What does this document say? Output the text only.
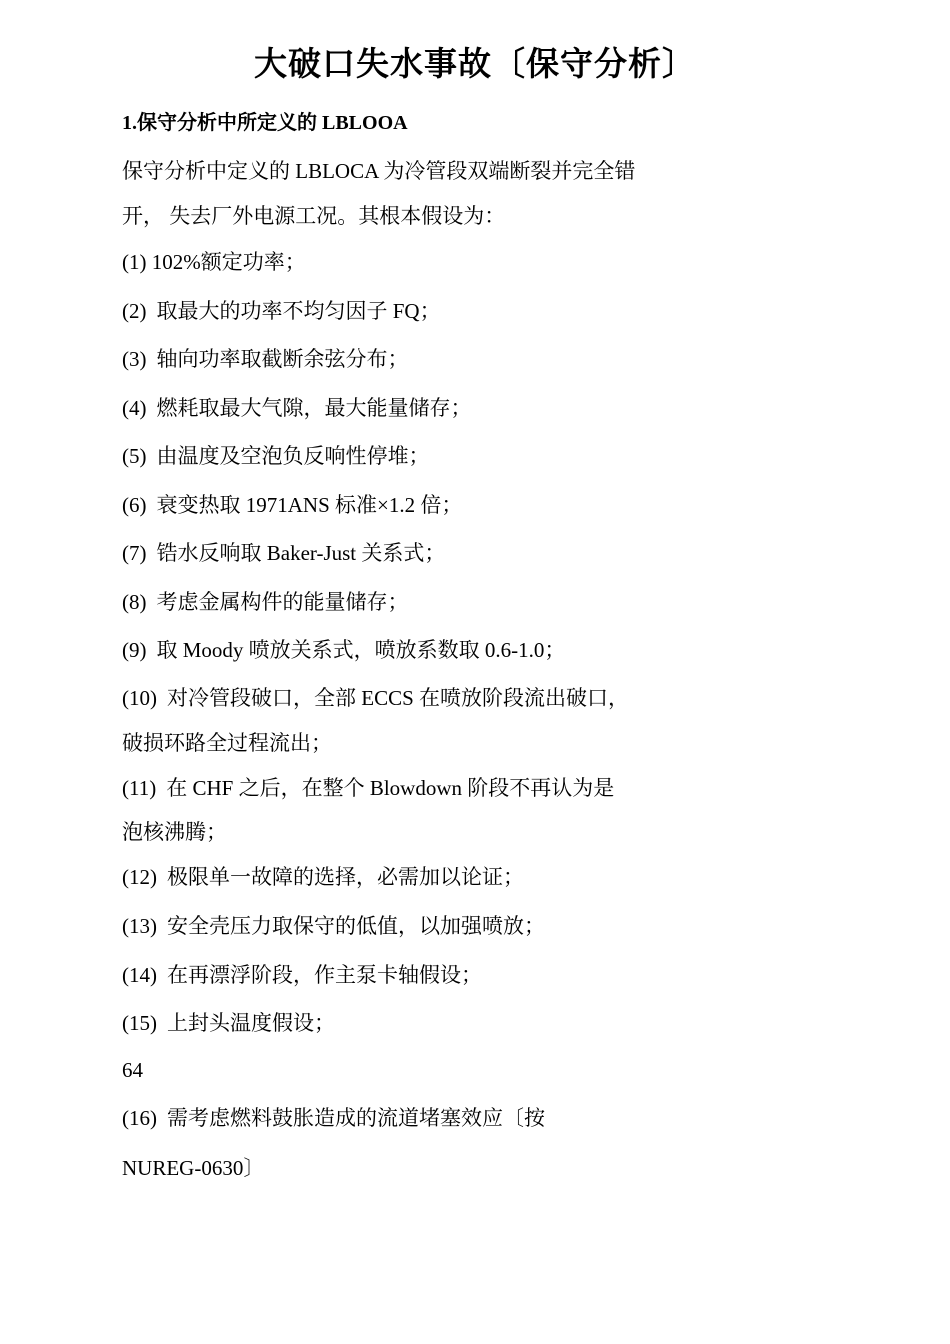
大破口失水事故〔保守分析〕
1.保守分析中所定义的 LBLOOA
保守分析中定义的 LBLOCA 为冷管段双端断裂并完全错
开， 失去厂外电源工况。其根本假设为：
(1) 102%额定功率；
(2) 取最大的功率不均匀因子 FQ；
(3) 轴向功率取截断余弦分布；
(4) 燃耗取最大气隙，最大能量储存；
(5) 由温度及空泡负反响性停堆；
(6) 衰变热取 1971ANS 标准×1.2 倍；
(7) 锆水反响取 Baker-Just 关系式；
(8) 考虑金属构件的能量储存；
(9) 取 Moody 喷放关系式，喷放系数取 0.6-1.0；
(10) 对冷管段破口，全部 ECCS 在喷放阶段流出破口，
破损环路全过程流出；
(11) 在 CHF 之后，在整个 Blowdown 阶段不再认为是
泡核沸腾；
(12) 极限单一故障的选择，必需加以论证；
(13) 安全壳压力取保守的低值，以加强喷放；
(14) 在再漂浮阶段，作主泵卡轴假设；
(15) 上封头温度假设；
64
(16) 需考虑燃料鼓胀造成的流道堵塞效应〔按
NUREG-0630〕
